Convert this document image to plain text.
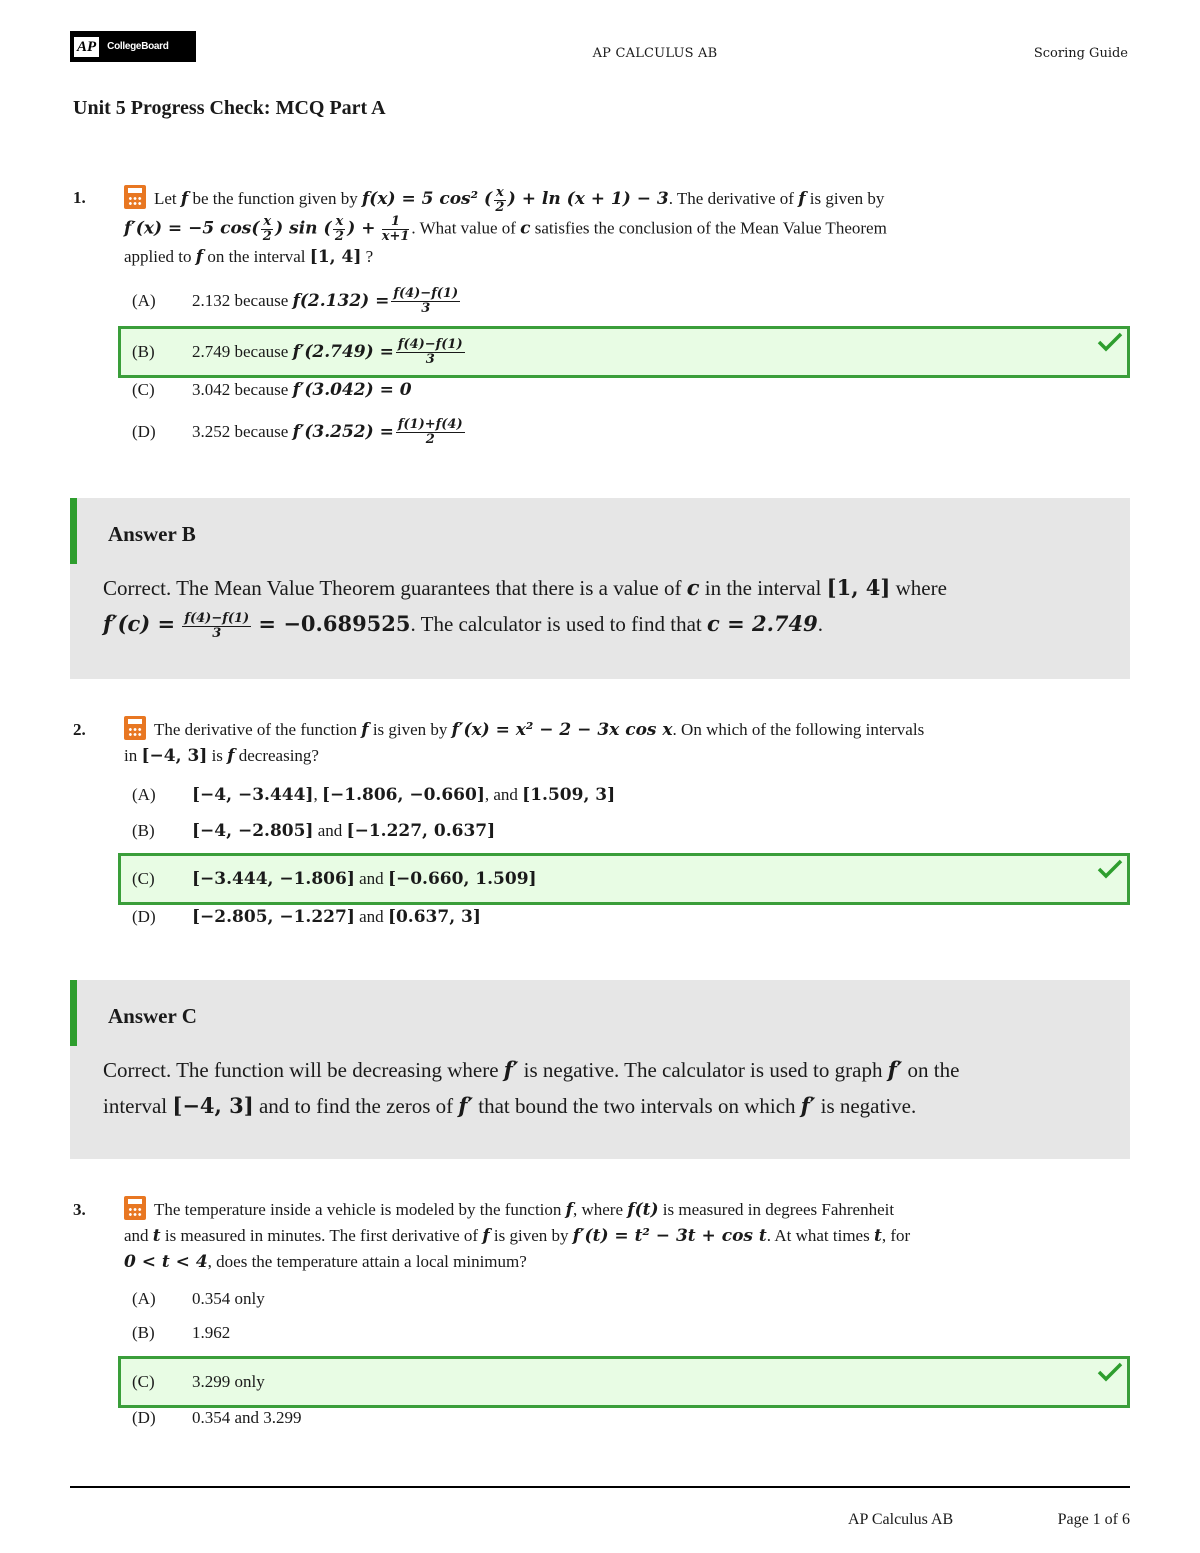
AP	CollegeBoard	AP CALCULUS AB	Scoring Guide
Unit 5 Progress Check: MCQ Part A
1.	Let f be the function given by f(x) = 5 cos² ( $\frac{x}{2}$ ) + ln (x + 1) − 3. The derivative of f is given by
f′(x) = −5 $\cos( \frac{x}{2}$ ) sin ( $\frac{x}{2}$ ) + $\frac{1}{x+1}$ . What value of c satisfies the conclusion of the Mean Value Theorem
applied to f on the interval [1, 4] ?
(A)	2.132
because
$f(2.132) = \frac{f(4)-f(1)}{3}$
(B)	2.749
because
$f'(2.749) = \frac{f(4)-f(1)}{3}$
(C)	3.042
because
f′(3.042) = 0
(D)	3.252
because
$f'(3.252) = \frac{f(1)+f(4)}{2}$
Answer B
Correct. The Mean Value Theorem guarantees that there is a value of c in the interval [1, 4] where
$f'(c) = \frac{f(4)-f(1)}{3} = -0.689525$. The calculator is used to find that c = 2.749.
2.	The derivative of the function f is given by f′(x) = x² − 2 − 3x cos x. On which of the following intervals
in [−4, 3] is f decreasing?
(A)	[−4, −3.444] ,
[−1.806, −0.660] , and
[1.509, 3]
(B)	[−4, −2.805]
and
[−1.227, 0.637]
(C)	[−3.444, −1.806]
and
[−0.660, 1.509]
(D)	[−2.805, −1.227]
and
[0.637, 3]
Answer C
Correct. The function will be decreasing where f′ is negative. The calculator is used to graph f′ on the
interval [−4, 3] and to find the zeros of f′ that bound the two intervals on which f′ is negative.
3.	The temperature inside a vehicle is modeled by the function f, where f(t) is measured in degrees Fahrenheit
and t is measured in minutes. The first derivative of f is given by f′(t) = t² − 3t + cos t. At what times t, for
0 < t < 4, does the temperature attain a local minimum?
(A)	0.354 only
(B)	1.962
(C)	3.299 only
(D)	0.354 and 3.299
AP Calculus AB	Page 1 of 6
